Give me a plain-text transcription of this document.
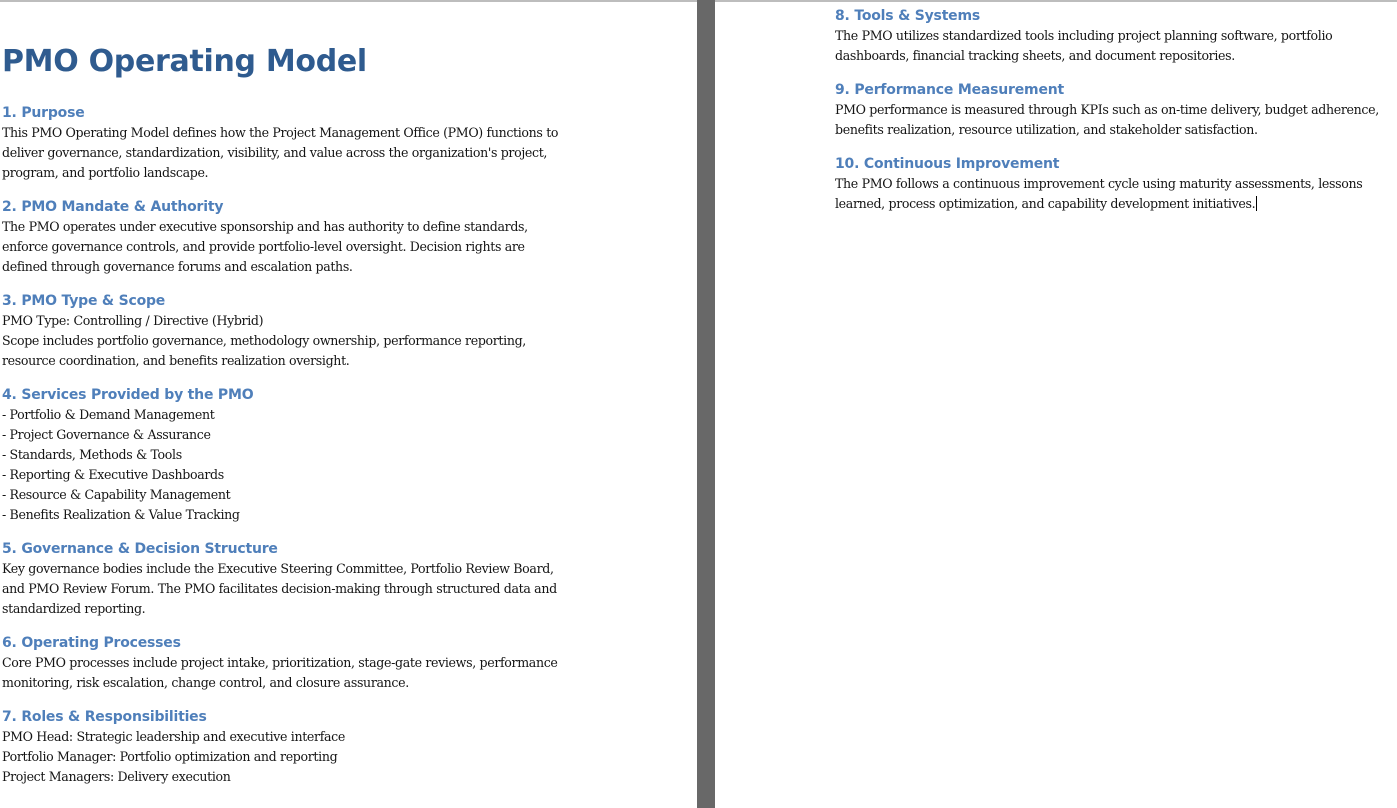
PMO Operating Model
1. Purpose
This PMO Operating Model defines how the Project Management Office (PMO) functions to
deliver governance, standardization, visibility, and value across the organization's project,
program, and portfolio landscape.
2. PMO Mandate & Authority
The PMO operates under executive sponsorship and has authority to define standards,
enforce governance controls, and provide portfolio-level oversight. Decision rights are
defined through governance forums and escalation paths.
3. PMO Type & Scope
PMO Type: Controlling / Directive (Hybrid)
Scope includes portfolio governance, methodology ownership, performance reporting,
resource coordination, and benefits realization oversight.
4. Services Provided by the PMO
- Portfolio & Demand Management
- Project Governance & Assurance
- Standards, Methods & Tools
- Reporting & Executive Dashboards
- Resource & Capability Management
- Benefits Realization & Value Tracking
5. Governance & Decision Structure
Key governance bodies include the Executive Steering Committee, Portfolio Review Board,
and PMO Review Forum. The PMO facilitates decision-making through structured data and
standardized reporting.
6. Operating Processes
Core PMO processes include project intake, prioritization, stage-gate reviews, performance
monitoring, risk escalation, change control, and closure assurance.
7. Roles & Responsibilities
PMO Head: Strategic leadership and executive interface
Portfolio Manager: Portfolio optimization and reporting
Project Managers: Delivery execution
8. Tools & Systems
The PMO utilizes standardized tools including project planning software, portfolio
dashboards, financial tracking sheets, and document repositories.
9. Performance Measurement
PMO performance is measured through KPIs such as on-time delivery, budget adherence,
benefits realization, resource utilization, and stakeholder satisfaction.
10. Continuous Improvement
The PMO follows a continuous improvement cycle using maturity assessments, lessons
learned, process optimization, and capability development initiatives.
